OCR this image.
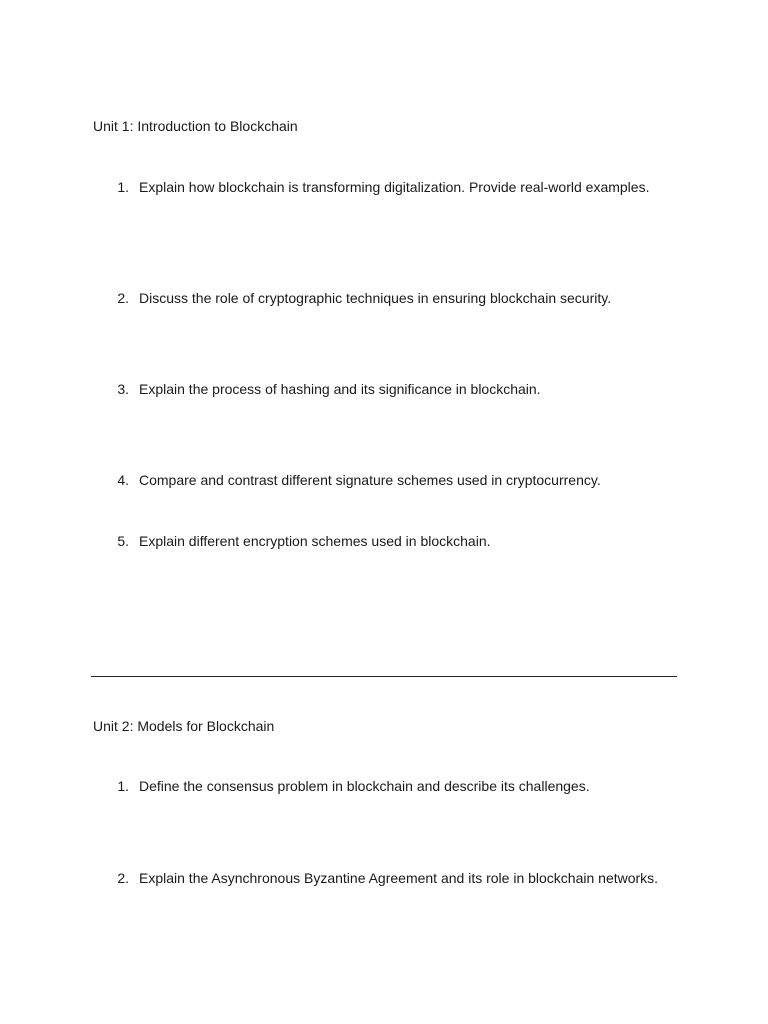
Unit 1: Introduction to Blockchain
1. Explain how blockchain is transforming digitalization. Provide real-world examples.
2. Discuss the role of cryptographic techniques in ensuring blockchain security.
3. Explain the process of hashing and its significance in blockchain.
4. Compare and contrast different signature schemes used in cryptocurrency.
5. Explain different encryption schemes used in blockchain.
Unit 2: Models for Blockchain
1. Define the consensus problem in blockchain and describe its challenges.
2. Explain the Asynchronous Byzantine Agreement and its role in blockchain networks.
